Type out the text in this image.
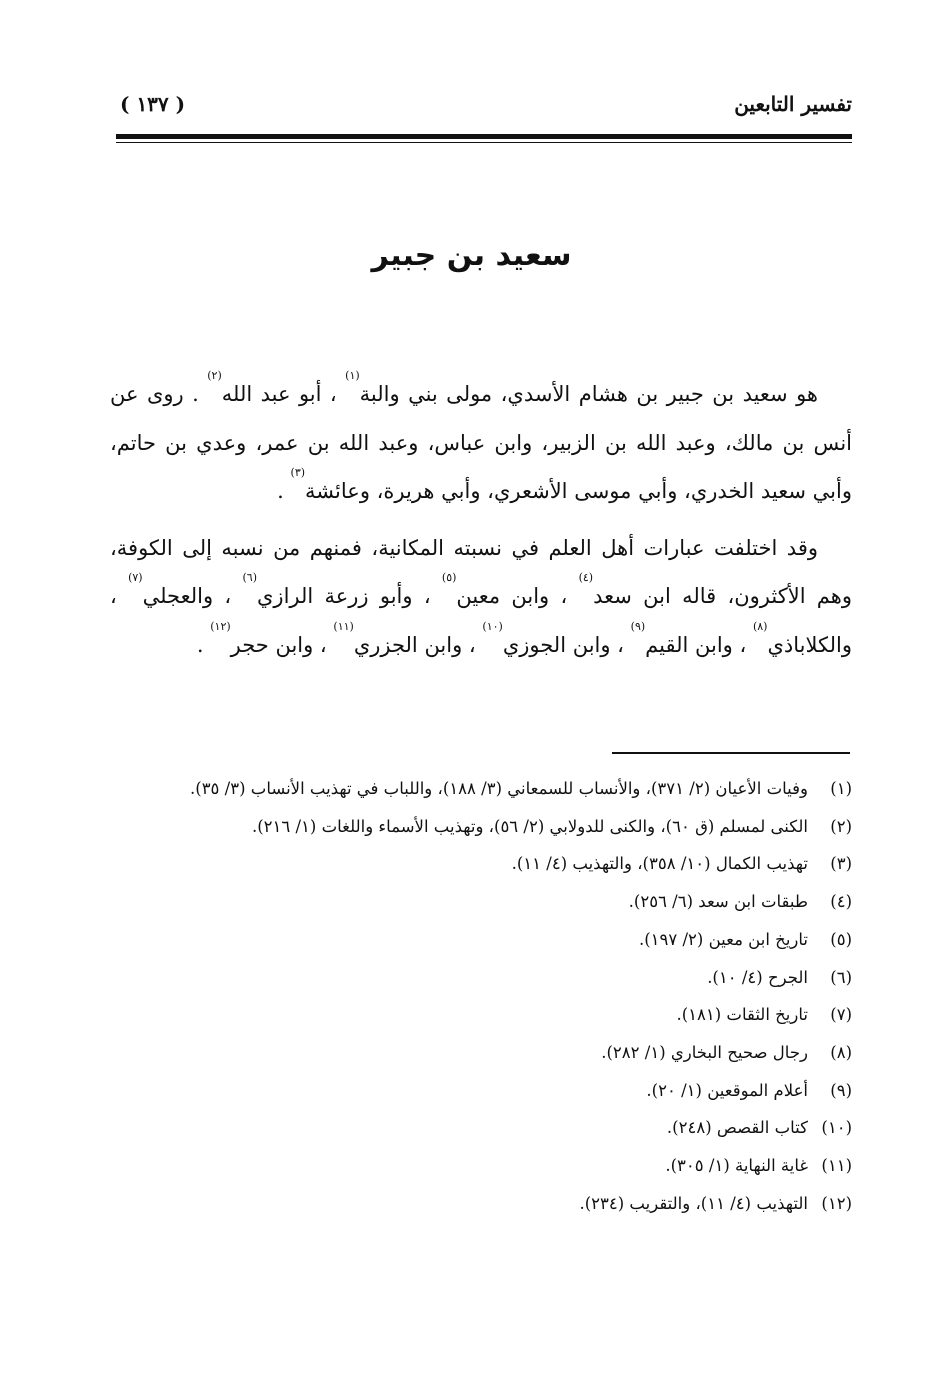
تفسير التابعين
( ١٣٧ )
سعيد بن جبير

هو سعيد بن جبير بن هشام الأسدي، مولى بني والبة$^{(١)}$ ، أبو عبد الله$^{(٢)}$ . روى عن أنس بن مالك، وعبد الله بن الزبير، وابن عباس، وعبد الله بن عمر، وعدي بن حاتم، وأبي سعيد الخدري، وأبي موسى الأشعري، وأبي هريرة، وعائشة$^{(٣)}$ .

وقد اختلفت عبارات أهل العلم في نسبته المكانية، فمنهم من نسبه إلى الكوفة، وهم الأكثرون، قاله ابن سعد$^{(٤)}$ ، وابن معين$^{(٥)}$ ، وأبو زرعة الرازي$^{(٦)}$ ، والعجلي$^{(٧)}$ ، والكلاباذي$^{(٨)}$ ، وابن القيم$^{(٩)}$ ، وابن الجوزي$^{(١٠)}$ ، وابن الجزري$^{(١١)}$ ، وابن حجر$^{(١٢)}$ .

(١)
وفيات الأعيان (٢/ ٣٧١)، والأنساب للسمعاني (٣/ ١٨٨)، واللباب في تهذيب الأنساب (٣/ ٣٥).
(٢)
الكنى لمسلم (ق ٦٠)، والكنى للدولابي (٢/ ٥٦)، وتهذيب الأسماء واللغات (١/ ٢١٦).
(٣)
تهذيب الكمال (١٠/ ٣٥٨)، والتهذيب (٤/ ١١).
(٤)
طبقات ابن سعد (٦/ ٢٥٦).
(٥)
تاريخ ابن معين (٢/ ١٩٧).
(٦)
الجرح (٤/ ١٠).
(٧)
تاريخ الثقات (١٨١).
(٨)
رجال صحيح البخاري (١/ ٢٨٢).
(٩)
أعلام الموقعين (١/ ٢٠).
(١٠)
كتاب القصص (٢٤٨).
(١١)
غاية النهاية (١/ ٣٠٥).
(١٢)
التهذيب (٤/ ١١)، والتقريب (٢٣٤).
